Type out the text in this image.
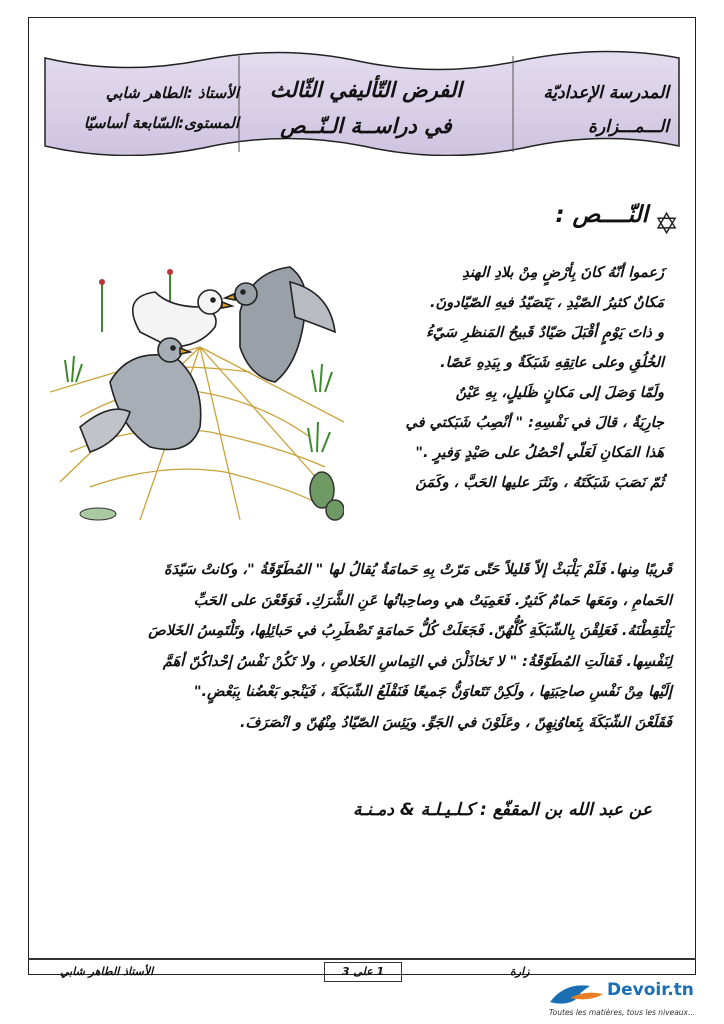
المدرسة الإعداديّة
الـــمـــزارة
الفرض التّأليفي الثّالث
في دراســة الـنّــص
الأستاذ :الطاهر شابي
المستوى:السّابعة أساسيّا
✡
النّــــص :
زَعموا أنّهُ كانَ بِأرْضٍ مِنْ بلادِ الهندِ
مَكانٌ كثيرُ الصّيْدِ ، يَتَصَيّدُ فيهِ الصّيّادونَ.
و ذاتَ يَوْمٍ أقْبَلَ صَيّادٌ قَبيحُ المَنظرِ سَيّءُ
الخُلُقِ وعلى عاتِقِهِ شَبَكَةٌ و بِيَدِهِ عَصًا.
ولَمّا وَصَلَ إلى مَكانٍ ظَليلٍ، بِهِ عَيْنٌ
جارِيَةٌ ، قالَ في نَفْسِهِ: " أنْصِبُ شَبَكتي في
هَذا المَكانِ لَعَلّي أحْصُلُ على صَيْدٍ وَفيرٍ ."
ثُمّ نَصَبَ شَبَكَتَهُ ، ونَثَرَ عليها الحَبَّ ، وكَمَنَ
قَريبًا مِنها. فَلَمْ يَلْبَثْ إلاّ قَليلاً حَتّى مَرّتْ بِهِ حَمامَةٌ يُقالُ لها " المُطَوّقَةُ "، وكانتْ سَيّدَةَ
الحَمامِ ، ومَعَها حَمامٌ كَثيرٌ. فَعَمِيَتْ هي وصاحِباتُها عَنِ الشَّرَكِ. فَوَقَعْنَ على الحَبِّ
يَلْتَقِطْنَهُ. فَعَلِقْنَ بِالشّبَكَةِ كُلُّهُنّ. فَجَعَلَتْ كُلُّ حَمامَةٍ تَضْطَرِبُ في حَبائِلِها، وتَلْتَمِسُ الخَلاصَ
لِنَفْسِها. فَقالَتِ المُطَوّقَةُ: " لا تَخاذَلْنَ في التِماسِ الخَلاصِ ، ولا تَكُنْ نَفْسُ إحْداكُنّ أهَمَّ
إلَيْها مِنْ نَفْسِ صاحِبَتِها ، ولَكِنْ تَتَعاوَنُّ جَميعًا فَنَقْلَعُ الشّبَكَةَ ، فَيَنْجو بَعْضُنا بِبَعْضٍ."
فَقَلَعْنَ الشّبَكَةَ بِتَعاوُنِهِنّ ، وعَلَوْنَ في الجَوِّ. ويَئِسَ الصّيّادُ مِنْهُنّ و انْصَرَفَ.
عن عبد الله بن المقفّع : كـلـيـلـة & دمـنـة
الأستاذ الطاهر شابي	1 على 3	زارة
Devoir.tn
Toutes les matières, tous les niveaux...
